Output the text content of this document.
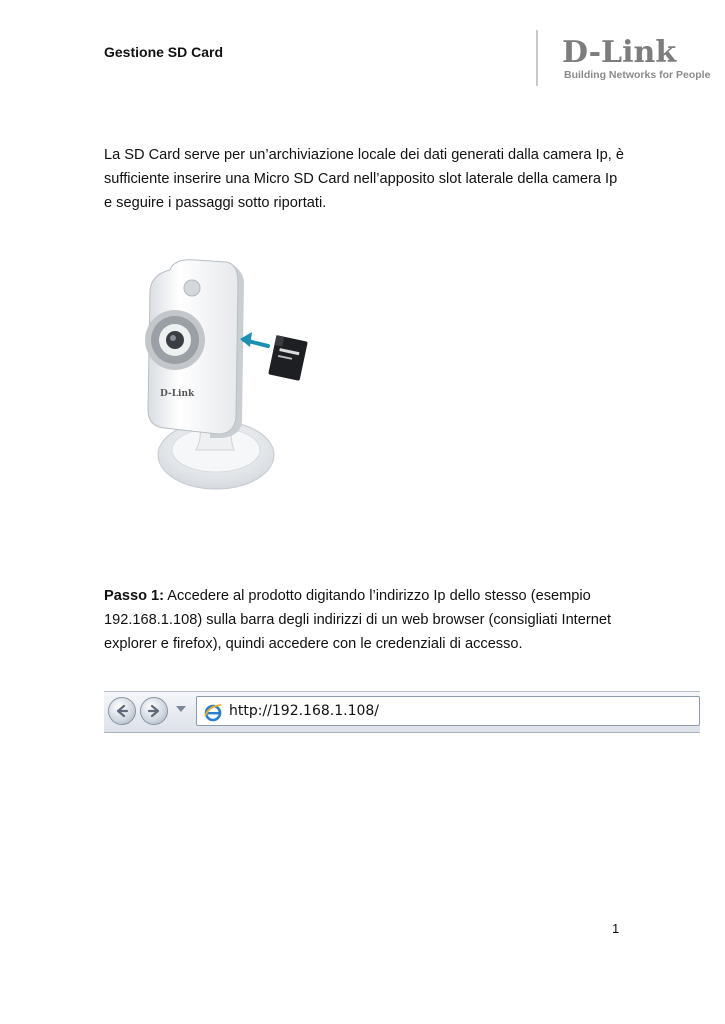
Gestione SD Card	D-Link
Building Networks for People
La SD Card serve per un’archiviazione locale dei dati generati dalla camera Ip, è sufficiente inserire una Micro SD Card nell’apposito slot laterale della camera Ip e seguire i passaggi sotto riportati.
D-Link
Passo 1: Accedere al prodotto digitando l’indirizzo Ip dello stesso (esempio 192.168.1.108) sulla barra degli indirizzi di un web browser (consigliati Internet explorer e firefox), quindi accedere con le credenziali di accesso.
http://192.168.1.108/
1
